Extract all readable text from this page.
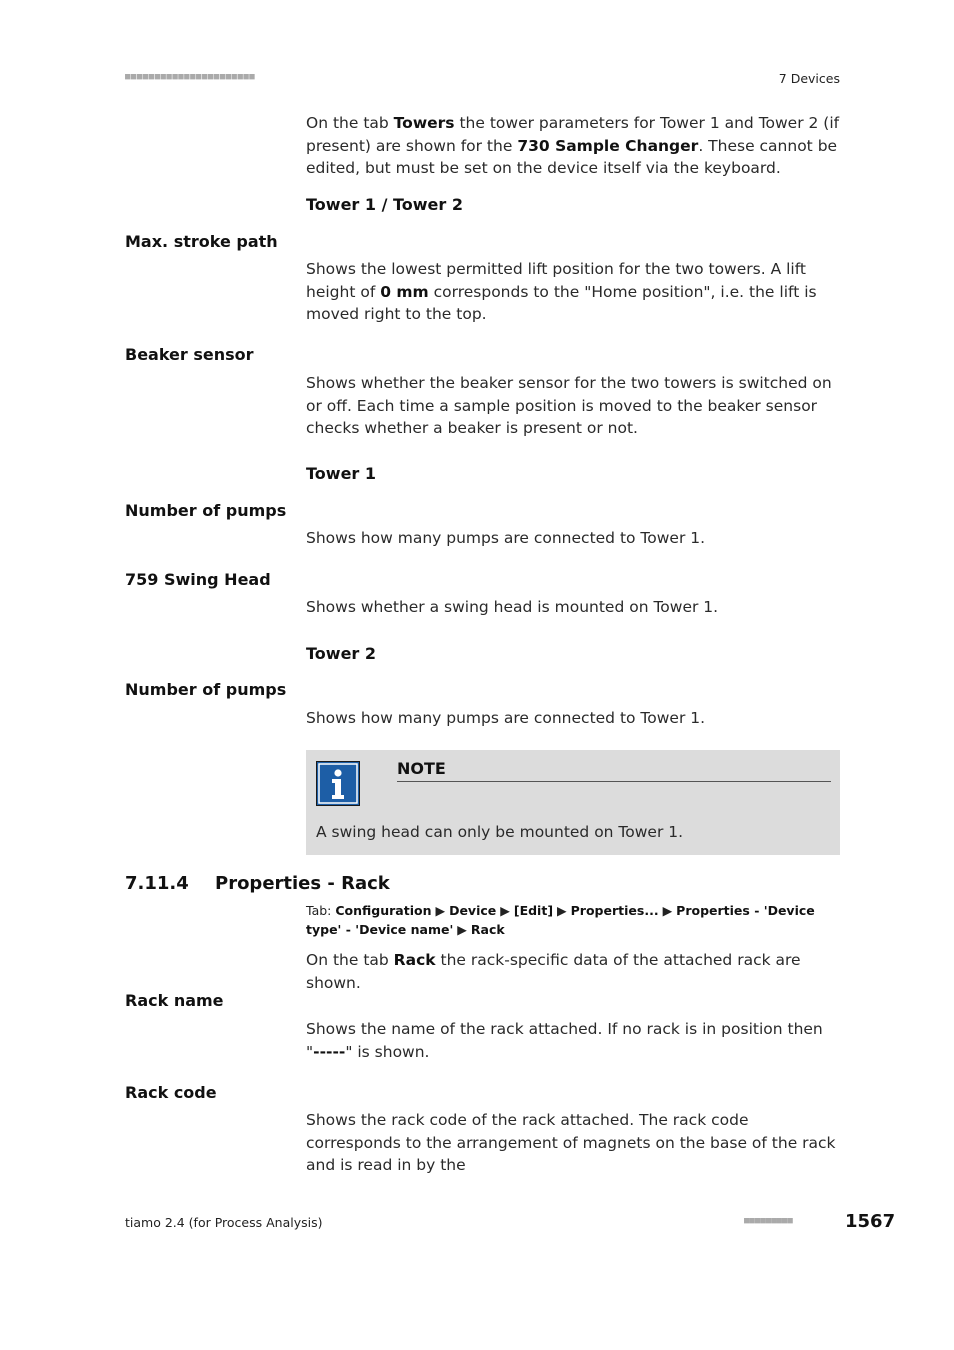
■■■■■■■■■■■■■■■■■■■■■■	7 Devices
On the tab Towers the tower parameters for Tower 1 and Tower 2 (if present) are shown for the 730 Sample Changer. These cannot be edited, but must be set on the device itself via the keyboard.
Tower 1 / Tower 2
Max. stroke path
Shows the lowest permitted lift position for the two towers. A lift height of 0 mm corresponds to the "Home position", i.e. the lift is moved right to the top.
Beaker sensor
Shows whether the beaker sensor for the two towers is switched on or off. Each time a sample position is moved to the beaker sensor checks whether a beaker is present or not.
Tower 1
Number of pumps
Shows how many pumps are connected to Tower 1.
759 Swing Head
Shows whether a swing head is mounted on Tower 1.
Tower 2
Number of pumps
Shows how many pumps are connected to Tower 1.
NOTE
A swing head can only be mounted on Tower 1.
7.11.4 Properties - Rack
Tab: Configuration ▶ Device ▶ [Edit] ▶ Properties... ▶ Properties - 'Device type' - 'Device name' ▶ Rack
On the tab Rack the rack-specific data of the attached rack are shown.
Rack name
Shows the name of the rack attached. If no rack is in position then "-----" is shown.
Rack code
Shows the rack code of the rack attached. The rack code corresponds to the arrangement of magnets on the base of the rack and is read in by the
tiamo 2.4 (for Process Analysis)	■■■■■■■■■	1567
